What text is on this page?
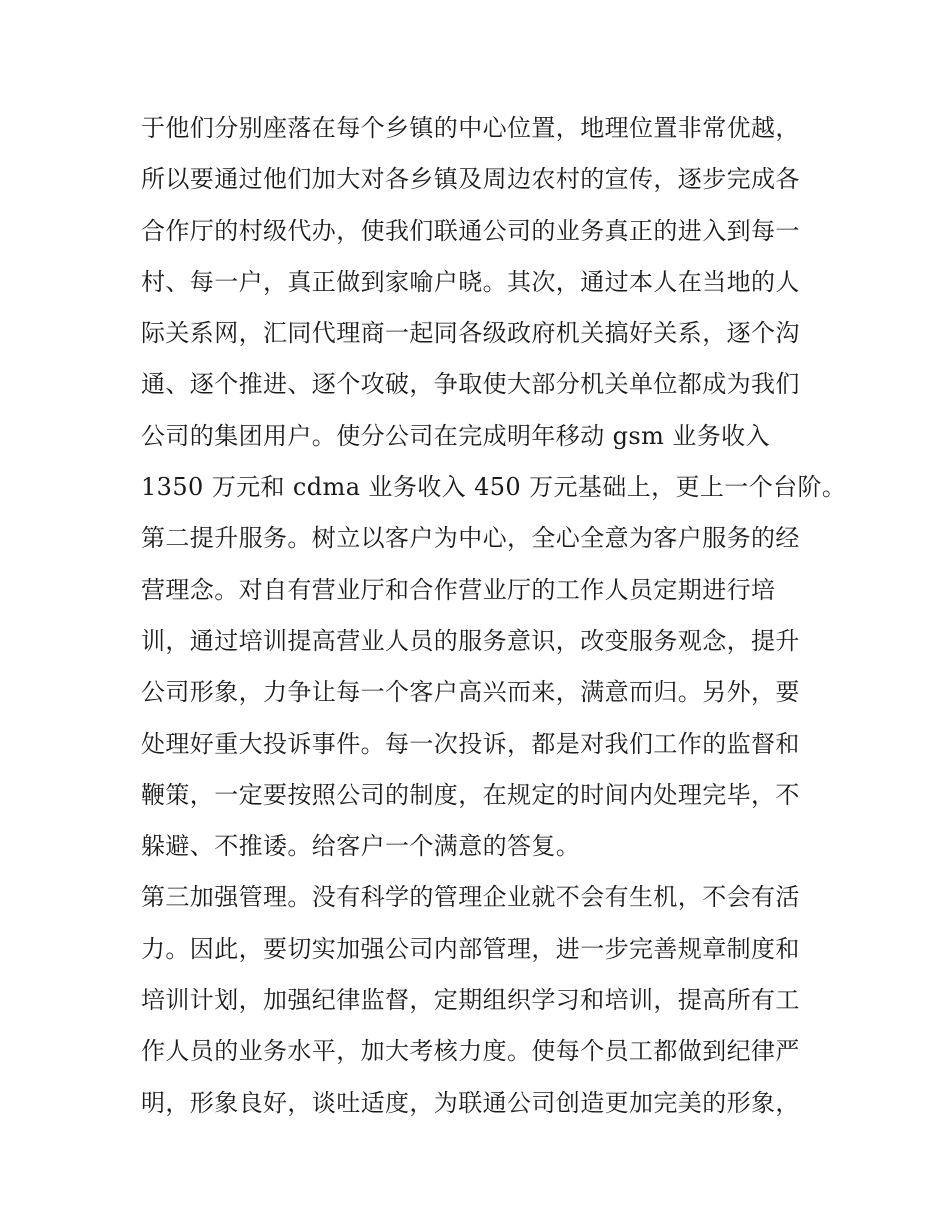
于他们分别座落在每个乡镇的中心位置，地理位置非常优越，
所以要通过他们加大对各乡镇及周边农村的宣传，逐步完成各
合作厅的村级代办，使我们联通公司的业务真正的进入到每一
村、每一户，真正做到家喻户晓。其次，通过本人在当地的人
际关系网，汇同代理商一起同各级政府机关搞好关系，逐个沟
通、逐个推进、逐个攻破，争取使大部分机关单位都成为我们
公司的集团用户。使分公司在完成明年移动 gsm 业务收入
1350 万元和 cdma 业务收入 450 万元基础上，更上一个台阶。
第二提升服务。树立以客户为中心，全心全意为客户服务的经
营理念。对自有营业厅和合作营业厅的工作人员定期进行培
训，通过培训提高营业人员的服务意识，改变服务观念，提升
公司形象，力争让每一个客户高兴而来，满意而归。另外，要
处理好重大投诉事件。每一次投诉，都是对我们工作的监督和
鞭策，一定要按照公司的制度，在规定的时间内处理完毕，不
躲避、不推诿。给客户一个满意的答复。
第三加强管理。没有科学的管理企业就不会有生机，不会有活
力。因此，要切实加强公司内部管理，进一步完善规章制度和
培训计划，加强纪律监督，定期组织学习和培训，提高所有工
作人员的业务水平，加大考核力度。使每个员工都做到纪律严
明，形象良好，谈吐适度，为联通公司创造更加完美的形象，
